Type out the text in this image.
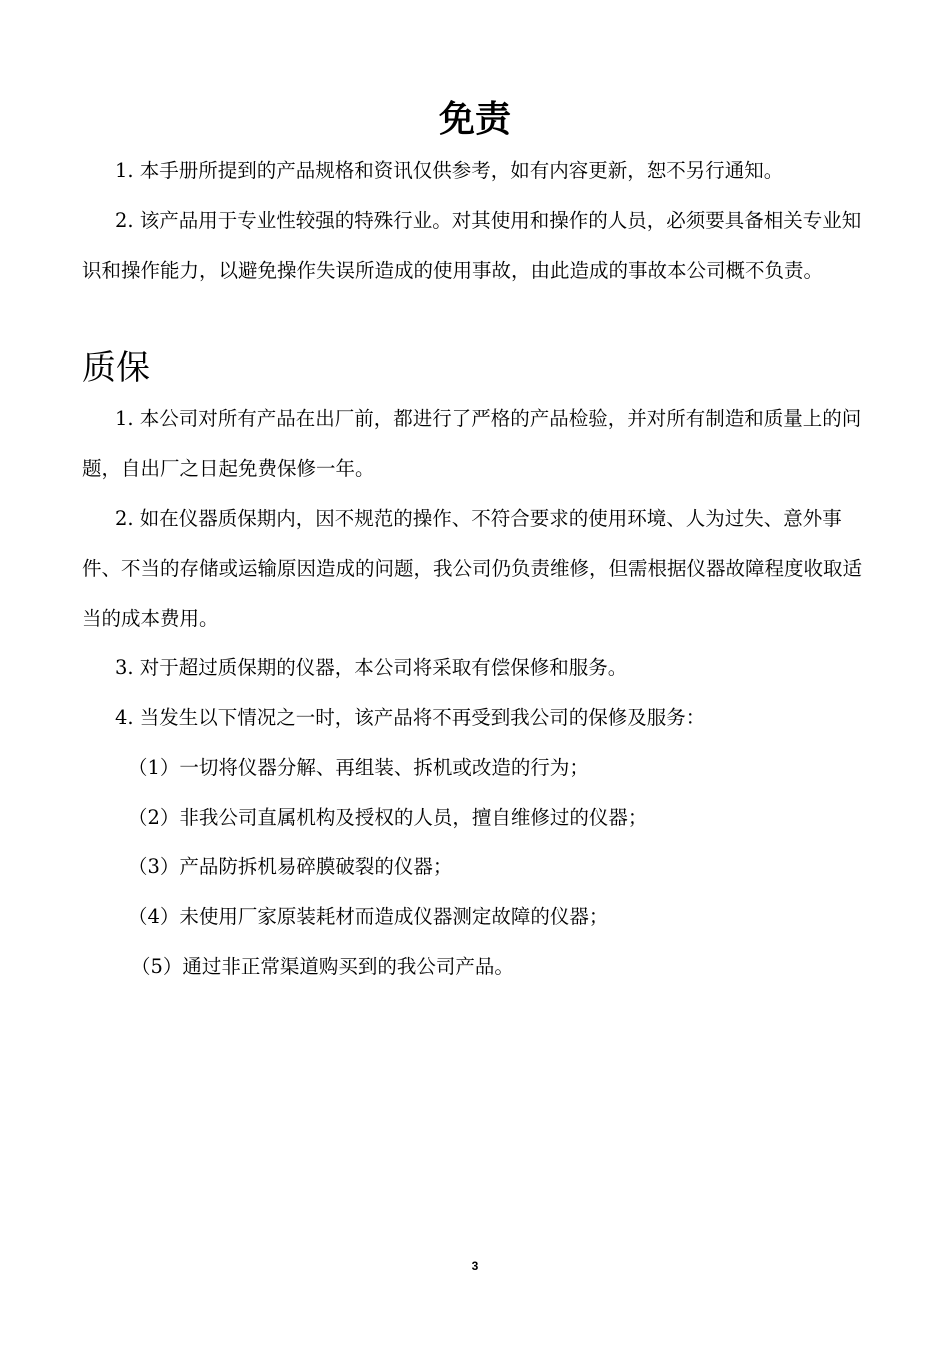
免责
1. 本手册所提到的产品规格和资讯仅供参考，如有内容更新，恕不另行通知。
2. 该产品用于专业性较强的特殊行业。对其使用和操作的人员，必须要具备相关专业知识和操作能力，以避免操作失误所造成的使用事故，由此造成的事故本公司概不负责。
质保
1. 本公司对所有产品在出厂前，都进行了严格的产品检验，并对所有制造和质量上的问题，自出厂之日起免费保修一年。
2. 如在仪器质保期内，因不规范的操作、不符合要求的使用环境、人为过失、意外事件、不当的存储或运输原因造成的问题，我公司仍负责维修，但需根据仪器故障程度收取适当的成本费用。
3. 对于超过质保期的仪器，本公司将采取有偿保修和服务。
4. 当发生以下情况之一时，该产品将不再受到我公司的保修及服务：
（1）一切将仪器分解、再组装、拆机或改造的行为；
（2）非我公司直属机构及授权的人员，擅自维修过的仪器；
（3）产品防拆机易碎膜破裂的仪器；
（4）未使用厂家原装耗材而造成仪器测定故障的仪器；
（5）通过非正常渠道购买到的我公司产品。
3
